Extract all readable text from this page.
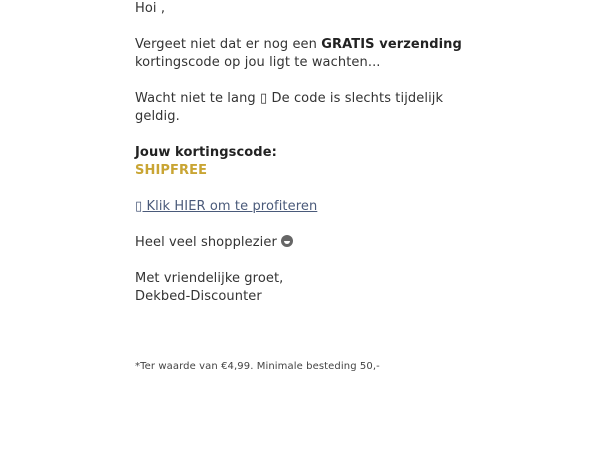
Hoi ,

Vergeet niet dat er nog een GRATIS verzending
kortingscode op jou ligt te wachten...

Wacht niet te lang ▯ De code is slechts tijdelijk geldig.

Jouw kortingscode:
SHIPFREE
▯ Klik HIER om te profiteren

Heel veel shopplezier

Met vriendelijke groet,
Dekbed-Discounter

*Ter waarde van €4,99. Minimale besteding 50,-
